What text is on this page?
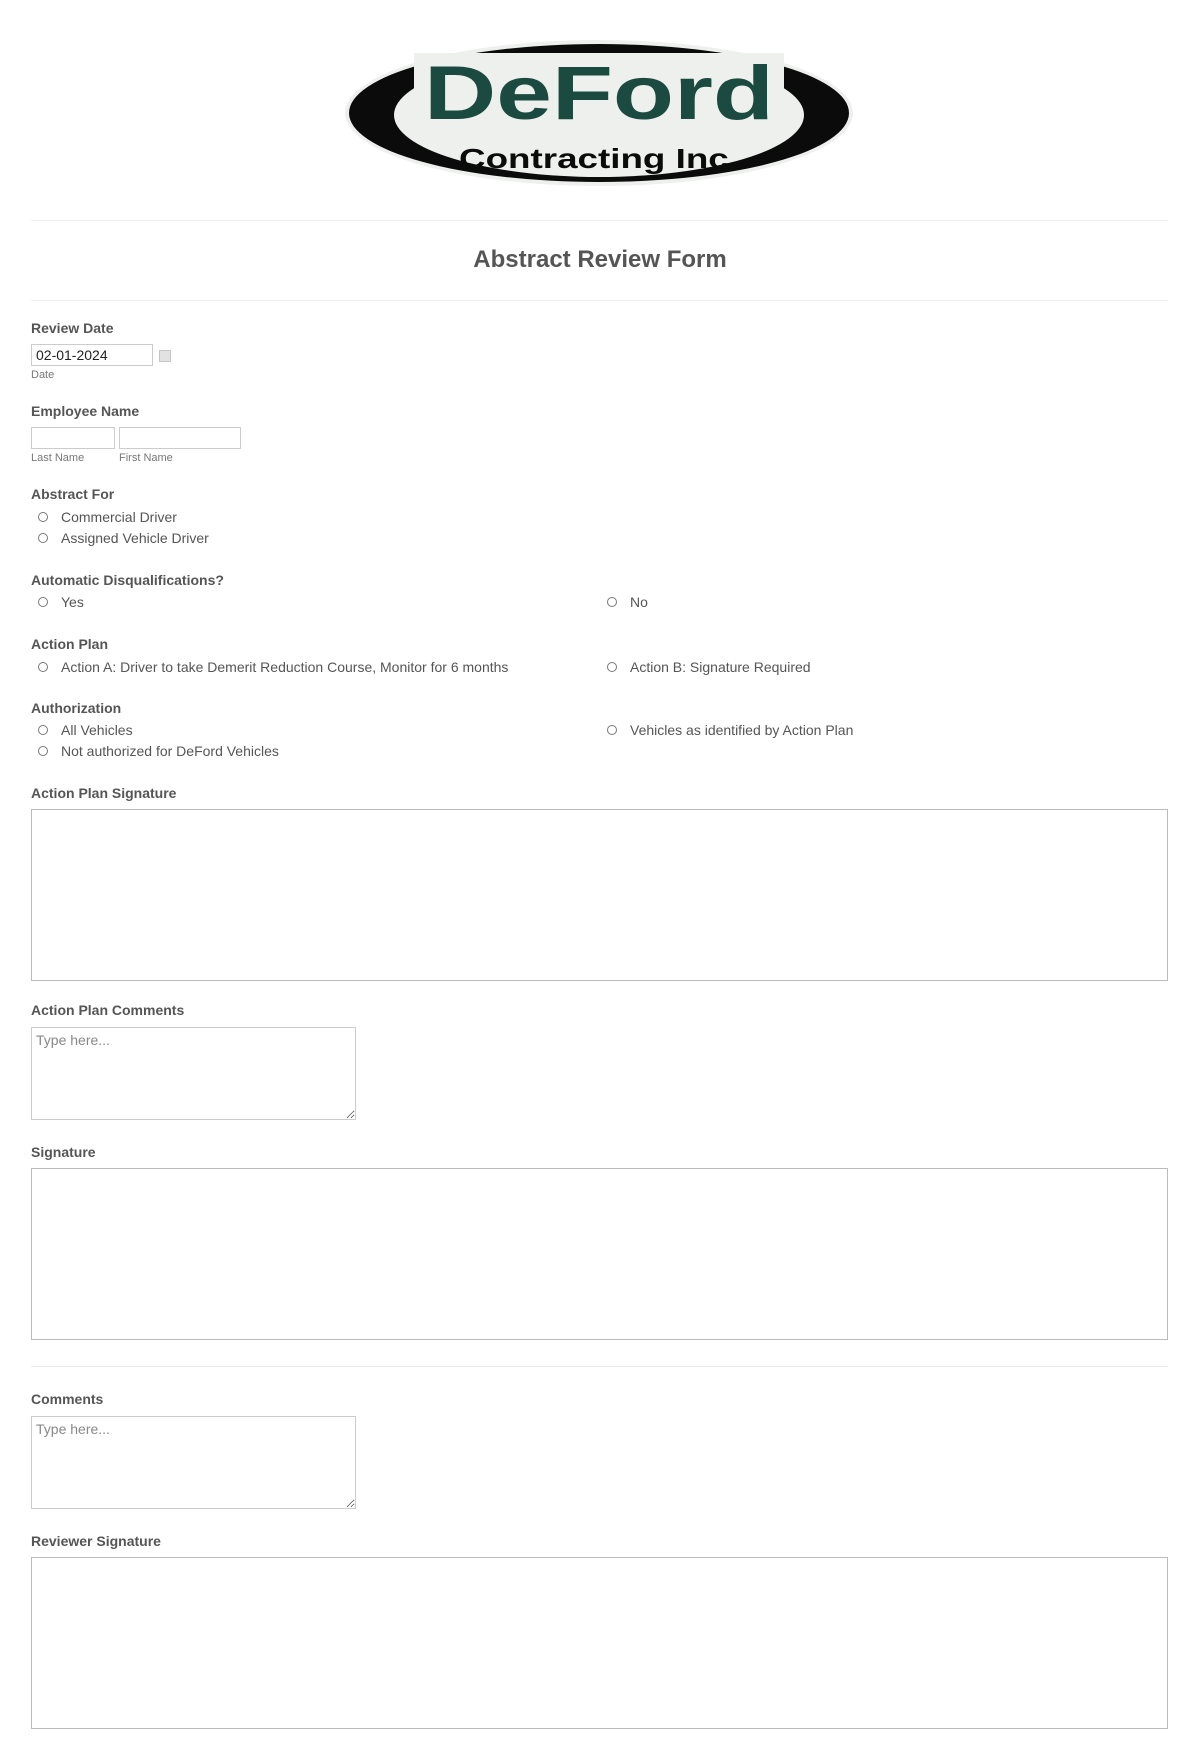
DeFord
Contracting Inc.
Abstract Review Form
Review Date
02-01-2024
Date
Employee Name
Last Name	First Name
Abstract For
Commercial Driver
Assigned Vehicle Driver
Automatic Disqualifications?
Yes	No
Action Plan
Action A: Driver to take Demerit Reduction Course, Monitor for 6 months	Action B: Signature Required
Authorization
All Vehicles	Vehicles as identified by Action Plan
Not authorized for DeFord Vehicles
Action Plan Signature
Action Plan Comments
Type here...
Signature
Comments
Type here...
Reviewer Signature
